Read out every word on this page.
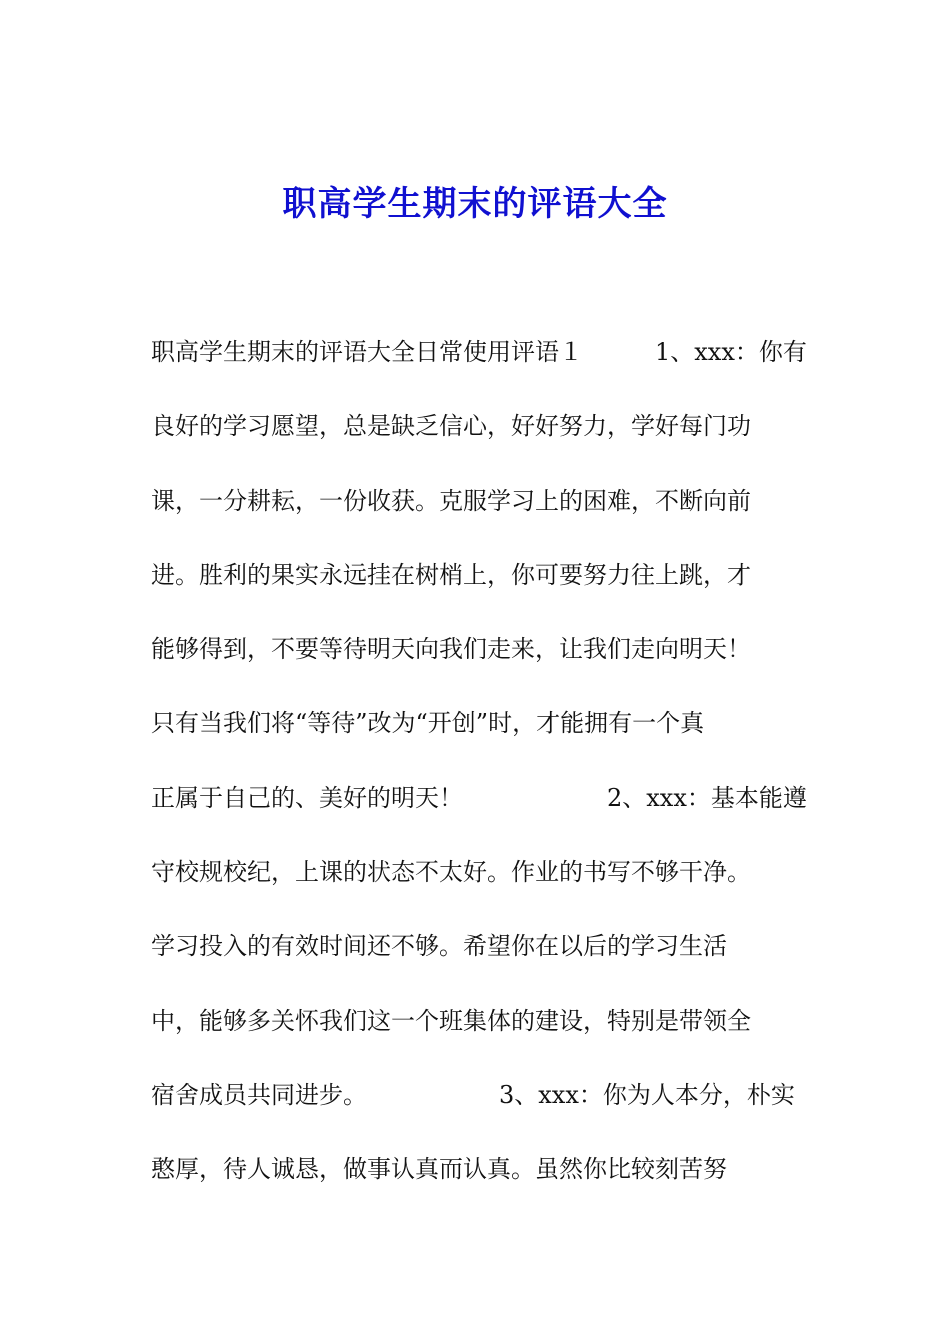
职高学生期末的评语大全
职高学生期末的评语大全日常使用评语１　　　1、xxx：你有
良好的学习愿望，总是缺乏信心，好好努力，学好每门功
课，一分耕耘，一份收获。克服学习上的困难，不断向前
进。胜利的果实永远挂在树梢上，你可要努力往上跳，才
能够得到，不要等待明天向我们走来，让我们走向明天！
只有当我们将“等待”改为“开创”时，才能拥有一个真
正属于自己的、美好的明天！　　　　　　2、xxx：基本能遵
守校规校纪，上课的状态不太好。作业的书写不够干净。
学习投入的有效时间还不够。希望你在以后的学习生活
中，能够多关怀我们这一个班集体的建设，特别是带领全
宿舍成员共同进步。　　　　　　3、xxx：你为人本分，朴实
憨厚，待人诚恳，做事认真而认真。虽然你比较刻苦努
